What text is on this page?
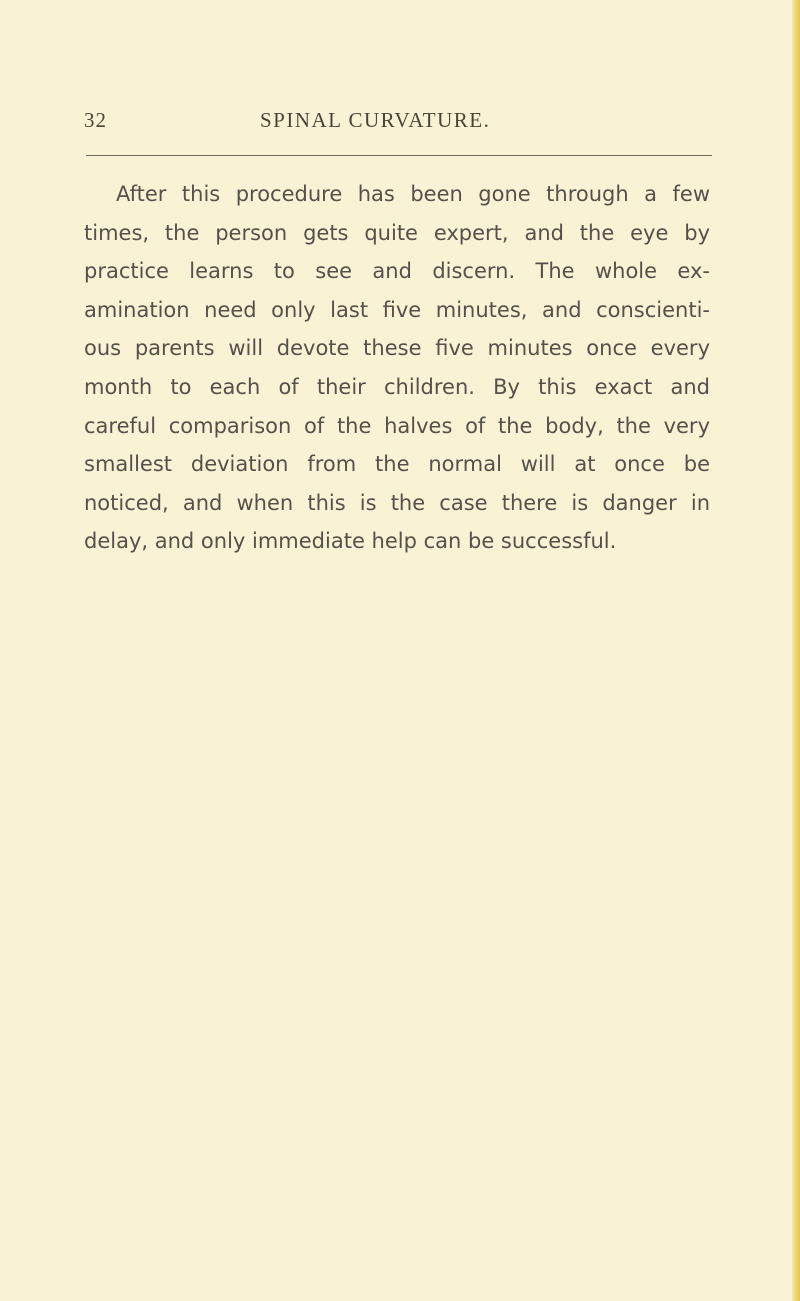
32	SPINAL CURVATURE.
After this procedure has been gone through a few
times, the person gets quite expert, and the eye by
practice learns to see and discern. The whole ex-
amination need only last five minutes, and conscienti-
ous parents will devote these five minutes once every
month to each of their children. By this exact and
careful comparison of the halves of the body, the very
smallest deviation from the normal will at once be
noticed, and when this is the case there is danger in
delay, and only immediate help can be successful.
